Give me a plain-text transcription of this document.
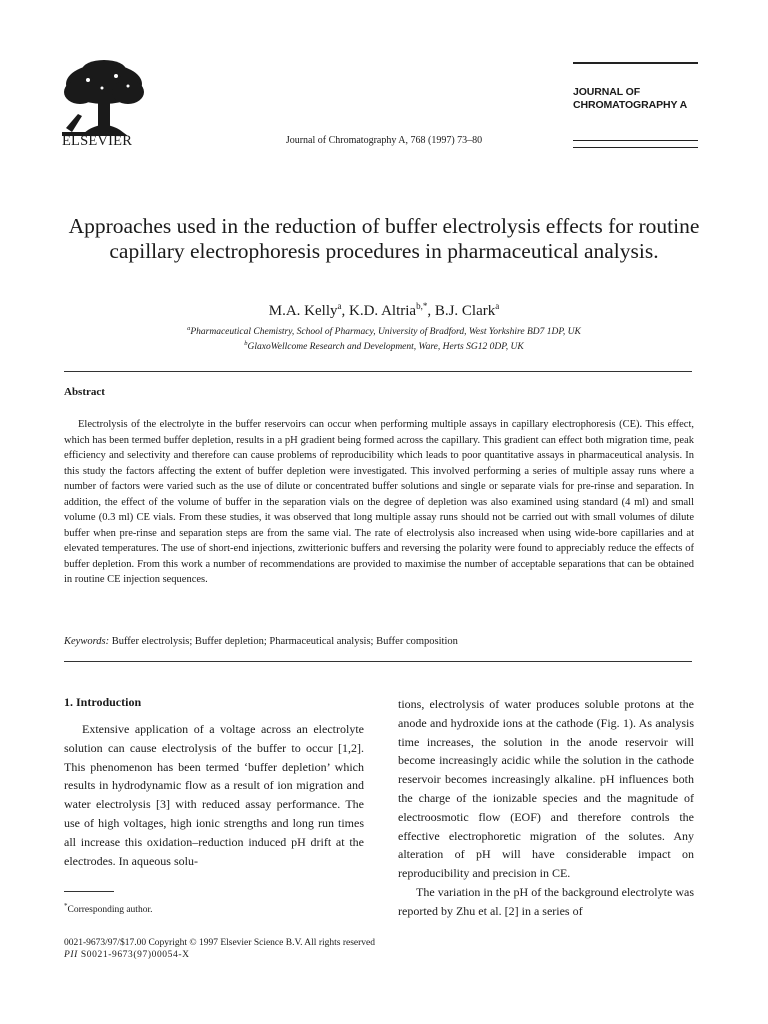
ELSEVIER	Journal of Chromatography A, 768 (1997) 73–80
JOURNAL OF
CHROMATOGRAPHY A
Approaches used in the reduction of buffer electrolysis effects for routine capillary electrophoresis procedures in pharmaceutical analysis.
M.A. Kelly$^a$, K.D. Altria$^{b,*}$, B.J. Clark$^a$
$^a$Pharmaceutical Chemistry, School of Pharmacy, University of Bradford, West Yorkshire BD7 1DP, UK
$^b$GlaxoWellcome Research and Development, Ware, Herts SG12 0DP, UK
Abstract
Electrolysis of the electrolyte in the buffer reservoirs can occur when performing multiple assays in capillary electrophoresis (CE). This effect, which has been termed buffer depletion, results in a pH gradient being formed across the capillary. This gradient can effect both migration time, peak efficiency and selectivity and therefore can cause problems of reproducibility which leads to poor quantitative assays in pharmaceutical analysis. In this study the factors affecting the extent of buffer depletion were investigated. This involved performing a series of multiple assay runs where a number of factors were varied such as the use of dilute or concentrated buffer solutions and single or separate vials for pre-rinse and separation. In addition, the effect of the volume of buffer in the separation vials on the degree of depletion was also examined using standard (4 ml) and small volume (0.3 ml) CE vials. From these studies, it was observed that long multiple assay runs should not be carried out with small volumes of dilute buffer when pre-rinse and separation steps are from the same vial. The rate of electrolysis also increased when using wide-bore capillaries and at elevated temperatures. The use of short-end injections, zwitterionic buffers and reversing the polarity were found to appreciably reduce the effects of buffer depletion. From this work a number of recommendations are provided to maximise the number of acceptable separations that can be obtained in routine CE injection sequences.
Keywords: Buffer electrolysis; Buffer depletion; Pharmaceutical analysis; Buffer composition
1. Introduction
Extensive application of a voltage across an electrolyte solution can cause electrolysis of the buffer to occur [1,2]. This phenomenon has been termed ‘buffer depletion’ which results in hydrodynamic flow as a result of ion migration and water electrolysis [3] with reduced assay performance. The use of high voltages, high ionic strengths and long run times all increase this oxidation–reduction induced pH drift at the electrodes. In aqueous solu-

tions, electrolysis of water produces soluble protons at the anode and hydroxide ions at the cathode (Fig. 1). As analysis time increases, the solution in the anode reservoir will become increasingly acidic while the solution in the cathode reservoir becomes increasingly alkaline. pH influences both the charge of the ionizable species and the magnitude of electroosmotic flow (EOF) and therefore controls the effective electrophoretic migration of the solutes. Any alteration of pH will have considerable impact on reproducibility and precision in CE.

The variation in the pH of the background electrolyte was reported by Zhu et al. [2] in a series of

*Corresponding author.
0021-9673/97/$17.00 Copyright © 1997 Elsevier Science B.V. All rights reserved
PII S0021-9673(97)00054-X
